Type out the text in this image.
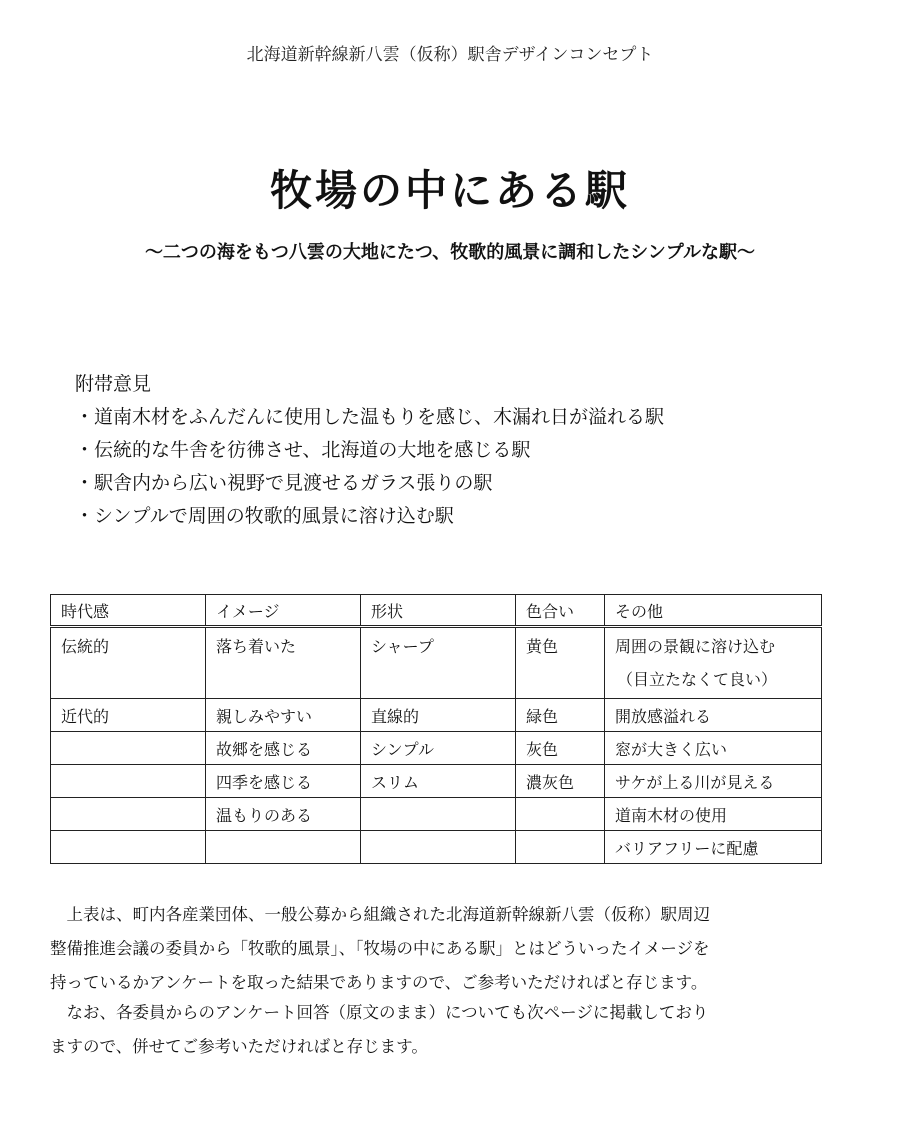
北海道新幹線新八雲（仮称）駅舎デザインコンセプト
牧場の中にある駅
〜二つの海をもつ八雲の大地にたつ、牧歌的風景に調和したシンプルな駅〜
附帯意見
・道南木材をふんだんに使用した温もりを感じ、木漏れ日が溢れる駅
・伝統的な牛舎を彷彿させ、北海道の大地を感じる駅
・駅舎内から広い視野で見渡せるガラス張りの駅
・シンプルで周囲の牧歌的風景に溶け込む駅
時代感	イメージ	形状	色合い	その他
伝統的	落ち着いた	シャープ	黄色	周囲の景観に溶け込む
（目立たなくて良い）
近代的	親しみやすい	直線的	緑色	開放感溢れる
	故郷を感じる	シンプル	灰色	窓が大きく広い
	四季を感じる	スリム	濃灰色	サケが上る川が見える
	温もりのある			道南木材の使用
				バリアフリーに配慮
　上表は、町内各産業団体、一般公募から組織された北海道新幹線新八雲（仮称）駅周辺
整備推進会議の委員から「牧歌的風景」、「牧場の中にある駅」とはどういったイメージを
持っているかアンケートを取った結果でありますので、ご参考いただければと存じます。
　なお、各委員からのアンケート回答（原文のまま）についても次ページに掲載しており
ますので、併せてご参考いただければと存じます。
